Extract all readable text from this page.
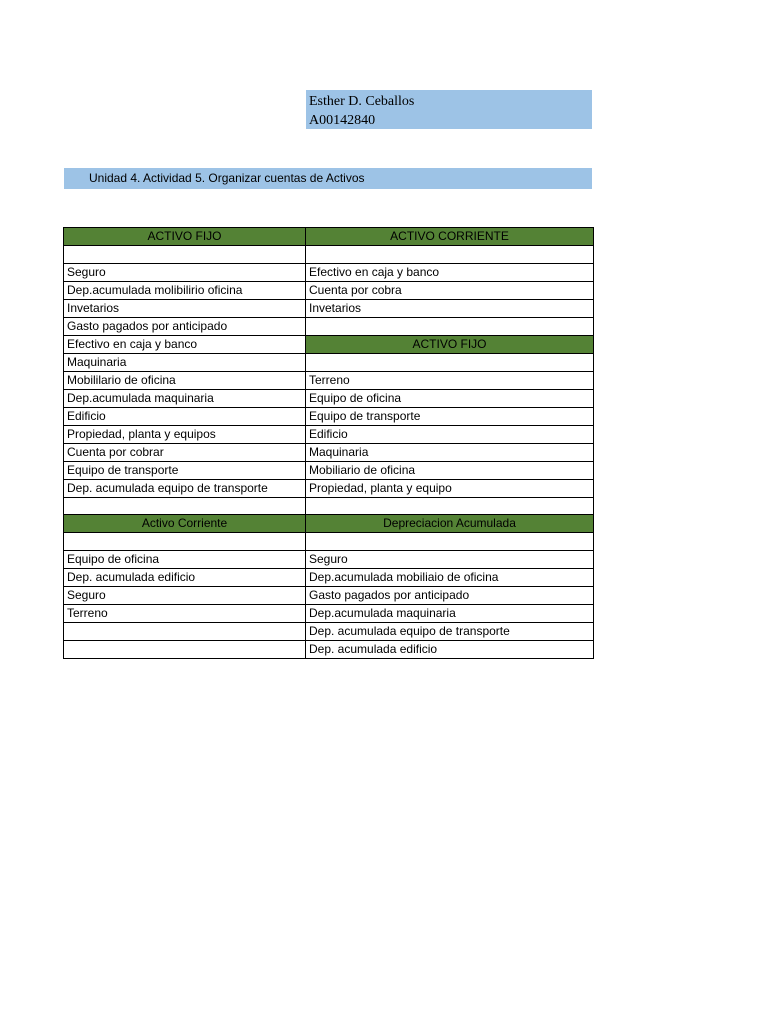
Esther D. Ceballos
A00142840
Unidad 4. Actividad 5. Organizar cuentas de Activos
ACTIVO FIJO	ACTIVO CORRIENTE

Seguro	Efectivo en caja y banco
Dep.acumulada molibilirio oficina	Cuenta por cobra
Invetarios	Invetarios
Gasto pagados por anticipado	
Efectivo en caja y banco	ACTIVO FIJO
Maquinaria	
Mobililario de oficina	Terreno
Dep.acumulada maquinaria	Equipo de oficina
Edificio	Equipo de transporte
Propiedad, planta y equipos	Edificio
Cuenta por cobrar	Maquinaria
Equipo de transporte	Mobiliario de oficina
Dep. acumulada equipo de transporte	Propiedad, planta y equipo

Activo Corriente	Depreciacion Acumulada

Equipo de oficina	Seguro
Dep. acumulada edificio	Dep.acumulada mobiliaio de oficina
Seguro	Gasto pagados por anticipado
Terreno	Dep.acumulada maquinaria
	Dep. acumulada equipo de transporte
	Dep. acumulada edificio
